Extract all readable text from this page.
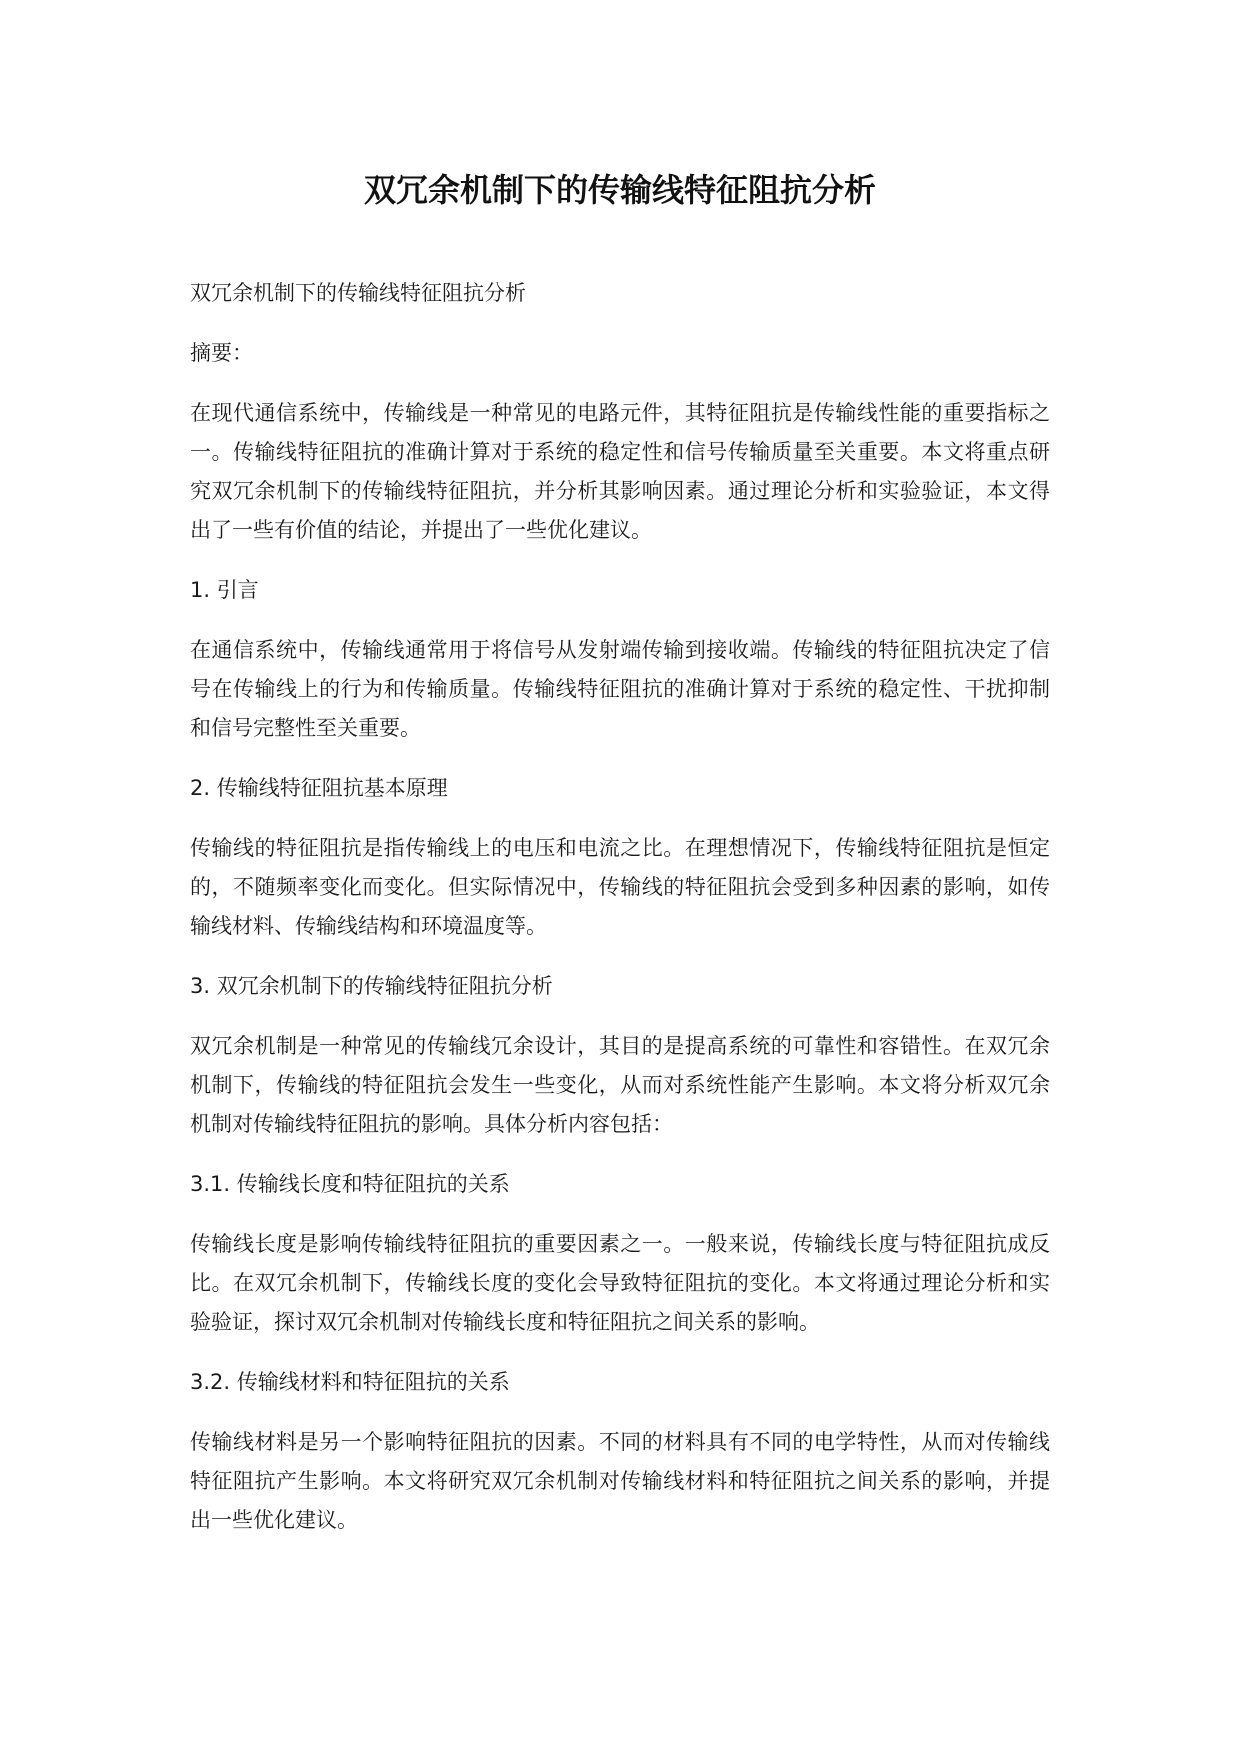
双冗余机制下的传输线特征阻抗分析

双冗余机制下的传输线特征阻抗分析

摘要：

在现代通信系统中，传输线是一种常见的电路元件，其特征阻抗是传输线性能的重要指标之一。传输线特征阻抗的准确计算对于系统的稳定性和信号传输质量至关重要。本文将重点研究双冗余机制下的传输线特征阻抗，并分析其影响因素。通过理论分析和实验验证，本文得出了一些有价值的结论，并提出了一些优化建议。

1. 引言

在通信系统中，传输线通常用于将信号从发射端传输到接收端。传输线的特征阻抗决定了信号在传输线上的行为和传输质量。传输线特征阻抗的准确计算对于系统的稳定性、干扰抑制和信号完整性至关重要。

2. 传输线特征阻抗基本原理

传输线的特征阻抗是指传输线上的电压和电流之比。在理想情况下，传输线特征阻抗是恒定的，不随频率变化而变化。但实际情况中，传输线的特征阻抗会受到多种因素的影响，如传输线材料、传输线结构和环境温度等。

3. 双冗余机制下的传输线特征阻抗分析

双冗余机制是一种常见的传输线冗余设计，其目的是提高系统的可靠性和容错性。在双冗余机制下，传输线的特征阻抗会发生一些变化，从而对系统性能产生影响。本文将分析双冗余机制对传输线特征阻抗的影响。具体分析内容包括：

3.1. 传输线长度和特征阻抗的关系

传输线长度是影响传输线特征阻抗的重要因素之一。一般来说，传输线长度与特征阻抗成反比。在双冗余机制下，传输线长度的变化会导致特征阻抗的变化。本文将通过理论分析和实验验证，探讨双冗余机制对传输线长度和特征阻抗之间关系的影响。

3.2. 传输线材料和特征阻抗的关系

传输线材料是另一个影响特征阻抗的因素。不同的材料具有不同的电学特性，从而对传输线特征阻抗产生影响。本文将研究双冗余机制对传输线材料和特征阻抗之间关系的影响，并提出一些优化建议。
